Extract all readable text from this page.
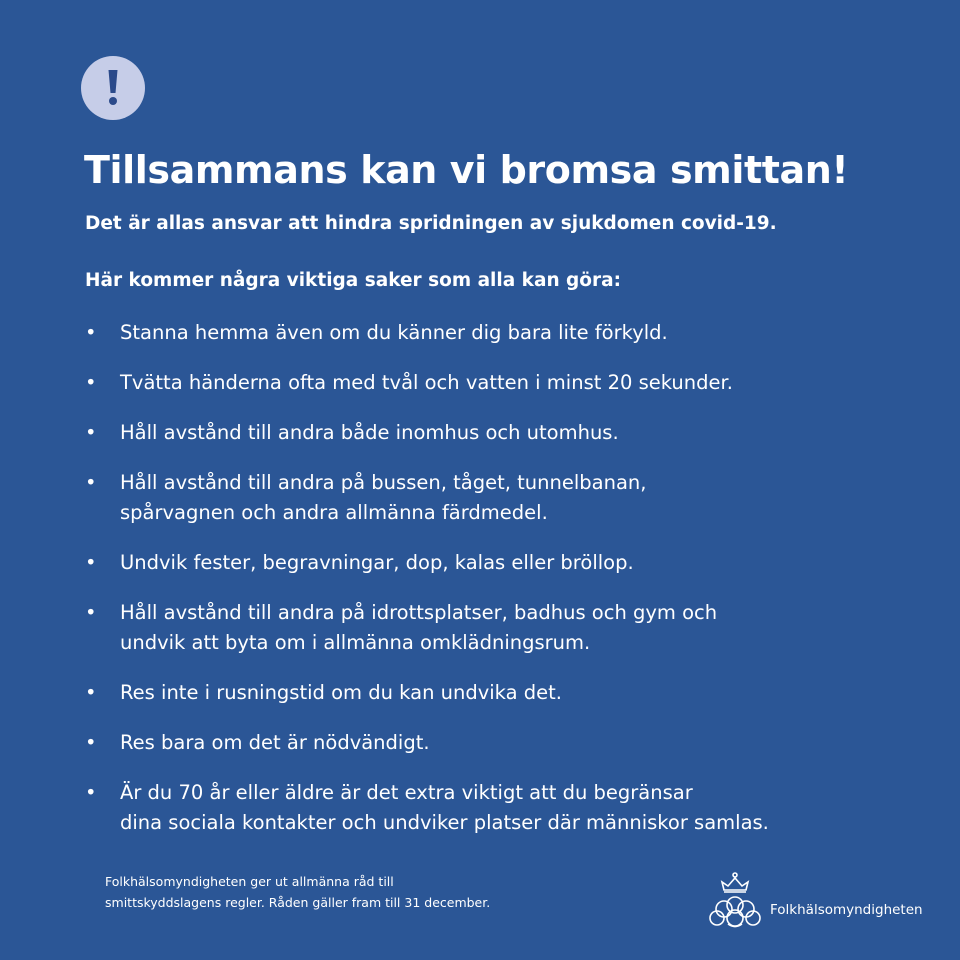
Tillsammans kan vi bromsa smittan!

Det är allas ansvar att hindra spridningen av sjukdomen covid-19.

Här kommer några viktiga saker som alla kan göra:

• Stanna hemma även om du känner dig bara lite förkyld.
• Tvätta händerna ofta med tvål och vatten i minst 20 sekunder.
• Håll avstånd till andra både inomhus och utomhus.
• Håll avstånd till andra på bussen, tåget, tunnelbanan,
spårvagnen och andra allmänna färdmedel.
• Undvik fester, begravningar, dop, kalas eller bröllop.
• Håll avstånd till andra på idrottsplatser, badhus och gym och
undvik att byta om i allmänna omklädningsrum.
• Res inte i rusningstid om du kan undvika det.
• Res bara om det är nödvändigt.
• Är du 70 år eller äldre är det extra viktigt att du begränsar
dina sociala kontakter och undviker platser där människor samlas.

Folkhälsomyndigheten ger ut allmänna råd till
smittskyddslagens regler. Råden gäller fram till 31 december.	Folkhälsomyndigheten
